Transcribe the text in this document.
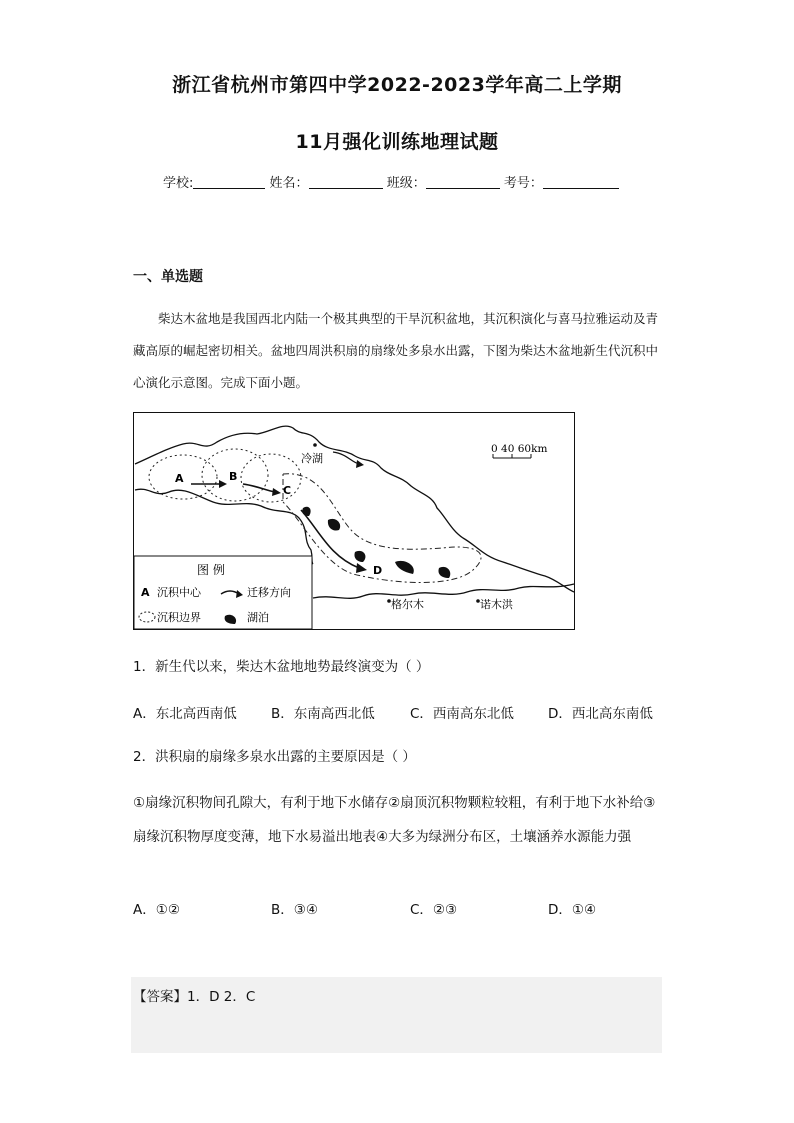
浙江省杭州市第四中学2022-2023学年高二上学期
11月强化训练地理试题
学校:	姓名：	班级：	考号：
一、单选题
柴达木盆地是我国西北内陆一个极其典型的干旱沉积盆地，其沉积演化与喜马拉雅运动及青藏高原的崛起密切相关。盆地四周洪积扇的扇缘处多泉水出露，下图为柴达木盆地新生代沉积中心演化示意图。完成下面小题。
冷湖
格尔木	诺木洪
A	B
C
D
0 40 60km
图 例
A 沉积中心	迁移方向
沉积边界	湖泊
1．新生代以来，柴达木盆地地势最终演变为（ ）
A．东北高西南低	B．东南高西北低	C．西南高东北低	D．西北高东南低
2．洪积扇的扇缘多泉水出露的主要原因是（ ）
①扇缘沉积物间孔隙大，有利于地下水储存②扇顶沉积物颗粒较粗，有利于地下水补给③扇缘沉积物厚度变薄，地下水易溢出地表④大多为绿洲分布区，土壤涵养水源能力强
A．①②	B．③④	C．②③	D．①④
【答案】1．D 2．C
